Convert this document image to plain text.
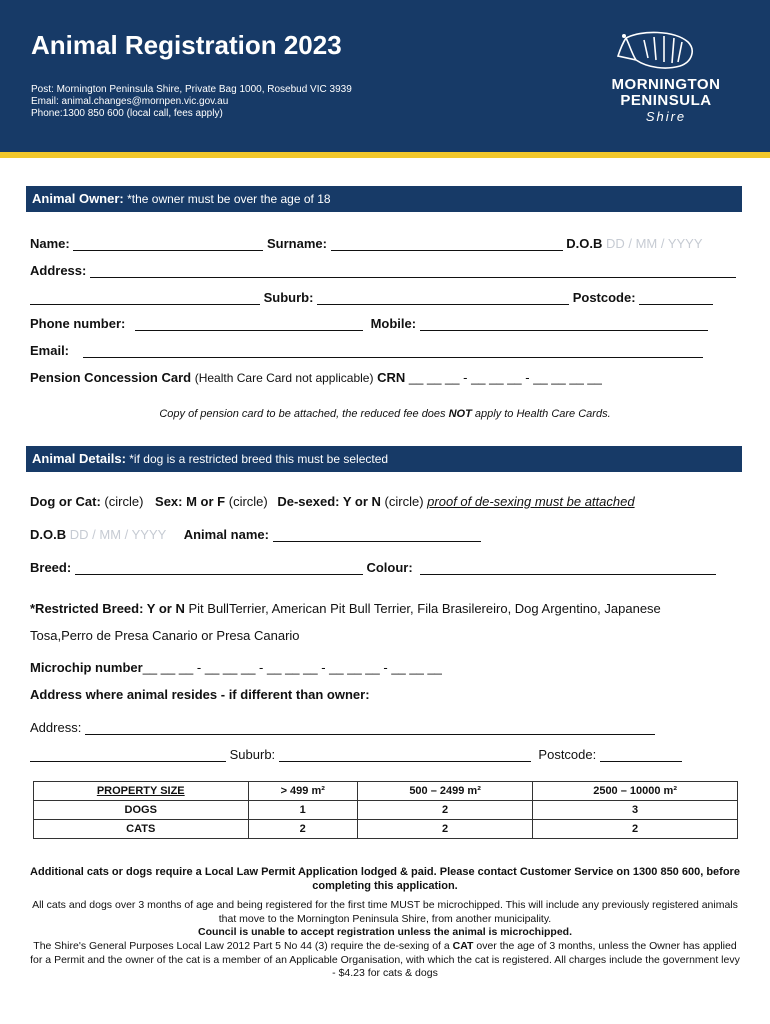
Animal Registration 2023
Post: Mornington Peninsula Shire, Private Bag 1000, Rosebud VIC 3939
Email: animal.changes@mornpen.vic.gov.au
Phone:1300 850 600 (local call, fees apply)
MORNINGTON
PENINSULA
Shire
Animal Owner: *the owner must be over the age of 18
Name:	Surname:	D.O.B DD / MM / YYYY
Address:
Suburb:	Postcode:
Phone number:	Mobile:
Email:
Pension Concession Card (Health Care Card not applicable) CRN __ __ __ - __ __ __ - __ __ __ __
Copy of pension card to be attached, the reduced fee does NOT apply to Health Care Cards.
Animal Details: *if dog is a restricted breed this must be selected
Dog or Cat: (circle) Sex: M or F (circle) De-sexed: Y or N (circle) proof of de-sexing must be attached
D.O.B DD / MM / YYYY Animal name:
Breed:	Colour:
*Restricted Breed: Y or N Pit BullTerrier, American Pit Bull Terrier, Fila Brasilereiro, Dog Argentino, Japanese
Tosa,Perro de Presa Canario or Presa Canario
Microchip number__ __ __ - __ __ __ - __ __ __ - __ __ __ - __ __ __
Address where animal resides - if different than owner:
Address:
Suburb:	Postcode:
PROPERTY SIZE	> 499 m²	500 – 2499 m²	2500 – 10000 m²
DOGS	1	2	3
CATS	2	2	2
Additional cats or dogs require a Local Law Permit Application lodged & paid. Please contact Customer Service on 1300 850 600, before completing this application.
All cats and dogs over 3 months of age and being registered for the first time MUST be microchipped. This will include any previously registered animals that move to the Mornington Peninsula Shire, from another municipality.
Council is unable to accept registration unless the animal is microchipped.
The Shire's General Purposes Local Law 2012 Part 5 No 44 (3) require the de-sexing of a CAT over the age of 3 months, unless the Owner has applied for a Permit and the owner of the cat is a member of an Applicable Organisation, with which the cat is registered. All charges include the government levy - $4.23 for cats & dogs
